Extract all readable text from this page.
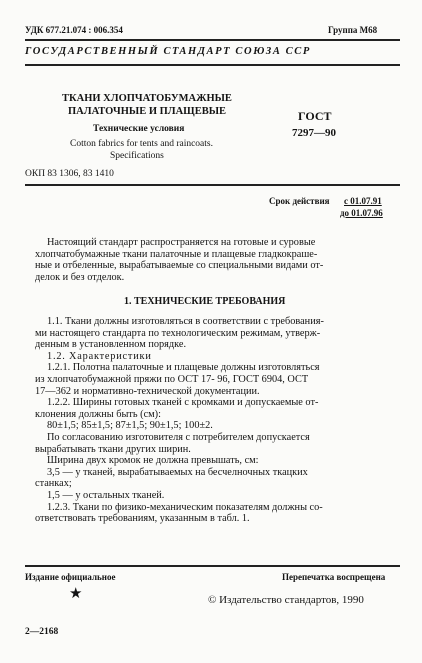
УДК 677.21.074 : 006.354	Группа М68
ГОСУДАРСТВЕННЫЙ СТАНДАРТ СОЮЗА ССР
ТКАНИ ХЛОПЧАТОБУМАЖНЫЕ
ПАЛАТОЧНЫЕ И ПЛАЩЕВЫЕ
Технические условия
Cotton fabrics for tents and raincoats.
Specifications
ГОСТ
7297—90
ОКП 83 1306, 83 1410
Срок действия с 01.07.91
до 01.07.96
Настоящий стандарт распространяется на готовые и суровые
хлопчатобумажные ткани палаточные и плащевые гладкокраше-
ные и отбеленные, вырабатываемые со специальными видами от-
делок и без отделок.
1. ТЕХНИЧЕСКИЕ ТРЕБОВАНИЯ
1.1. Ткани должны изготовляться в соответствии с требования-
ми настоящего стандарта по технологическим режимам, утверж-
денным в установленном порядке.
1.2. Характеристики
1.2.1. Полотна палаточные и плащевые должны изготовляться
из хлопчатобумажной пряжи по ОСТ 17- 96, ГОСТ 6904, ОСТ
17—362 и нормативно-технической документации.
1.2.2. Ширины готовых тканей с кромками и допускаемые от-
клонения должны быть (см):
80±1,5; 85±1,5; 87±1,5; 90±1,5; 100±2.
По согласованию изготовителя с потребителем допускается
вырабатывать ткани других ширин.
Ширина двух кромок не должна превышать, см:
3,5 — у тканей, вырабатываемых на бесчелночных ткацких
станках;
1,5 — у остальных тканей.
1.2.3. Ткани по физико-механическим показателям должны со-
ответствовать требованиям, указанным в табл. 1.
Издание официальное	Перепечатка воспрещена
★	© Издательство стандартов, 1990
2—2168
